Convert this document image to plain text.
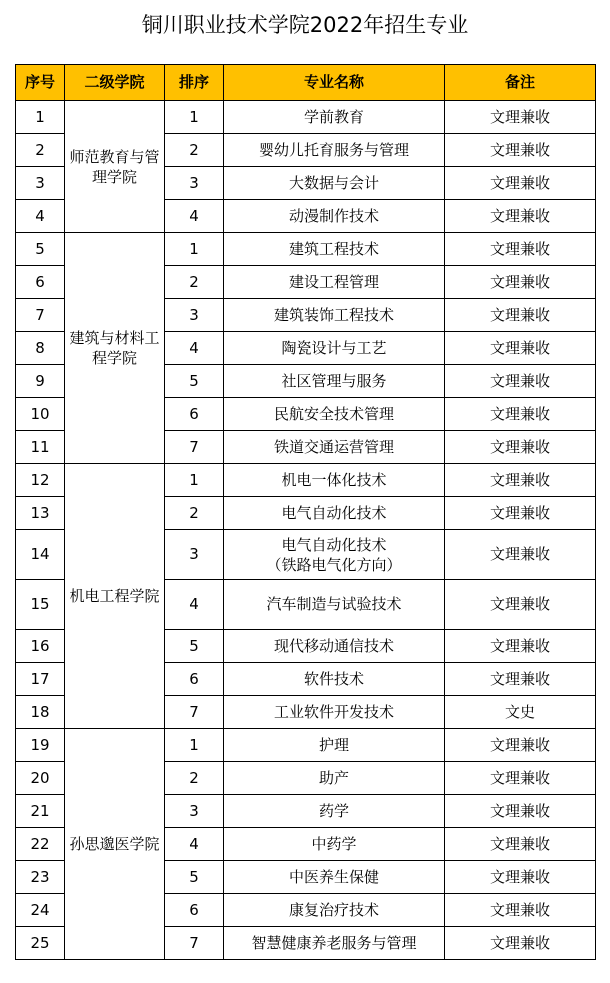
铜川职业技术学院2022年招生专业
序号	二级学院	排序	专业名称	备注
1	师范教育与管理学院	1	学前教育	文理兼收
2		2	婴幼儿托育服务与管理	文理兼收
3		3	大数据与会计	文理兼收
4		4	动漫制作技术	文理兼收
5	建筑与材料工程学院	1	建筑工程技术	文理兼收
6		2	建设工程管理	文理兼收
7		3	建筑装饰工程技术	文理兼收
8		4	陶瓷设计与工艺	文理兼收
9		5	社区管理与服务	文理兼收
10		6	民航安全技术管理	文理兼收
11		7	铁道交通运营管理	文理兼收
12	机电工程学院	1	机电一体化技术	文理兼收
13		2	电气自动化技术	文理兼收
14		3	电气自动化技术
（铁路电气化方向）	文理兼收
15		4	汽车制造与试验技术	文理兼收
16		5	现代移动通信技术	文理兼收
17		6	软件技术	文理兼收
18		7	工业软件开发技术	文史
19	孙思邈医学院	1	护理	文理兼收
20		2	助产	文理兼收
21		3	药学	文理兼收
22		4	中药学	文理兼收
23		5	中医养生保健	文理兼收
24		6	康复治疗技术	文理兼收
25		7	智慧健康养老服务与管理	文理兼收
